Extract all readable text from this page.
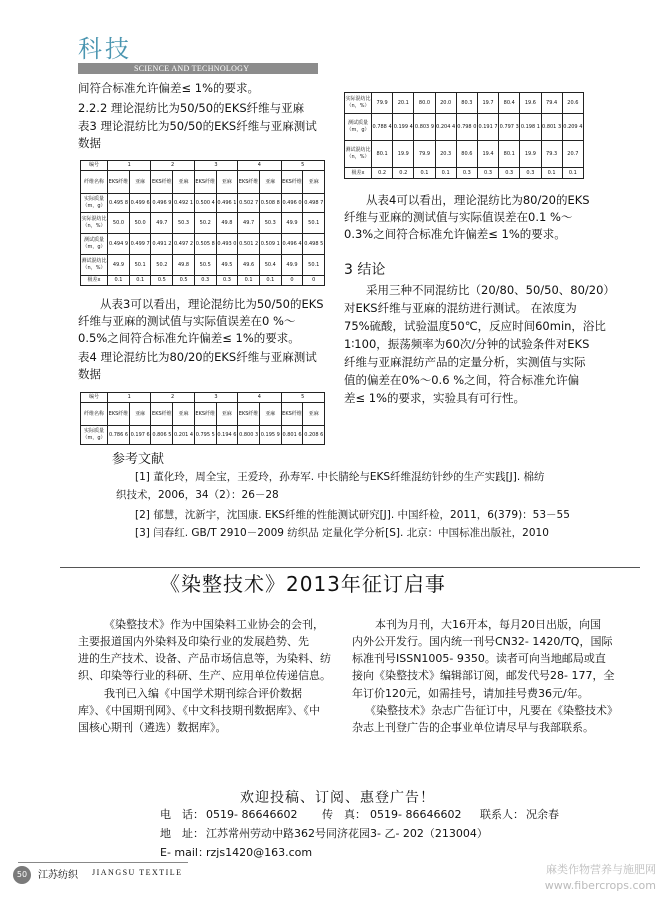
科技
SCIENCE AND TECHNOLOGY
间符合标准允许偏差≤ 1%的要求。
2.2.2 理论混纺比为50/50的EKS纤维与亚麻
表3 理论混纺比为50/50的EKS纤维与亚麻测试
数据
编号	1		2		3		4		5	
纤维名称	EKS纤维	亚麻	EKS纤维	亚麻	EKS纤维	亚麻	EKS纤维	亚麻	EKS纤维	亚麻
实际质量（m，g）	0.495 8	0.499 6	0.496 9	0.492 1	0.500 4	0.496 1	0.502 7	0.508 8	0.496 0	0.498 7
实际混纺比（n，%）	50.0	50.0	49.7	50.3	50.2	49.8	49.7	50.3	49.9	50.1
测试质量（m，g）	0.494 9	0.499 7	0.491 2	0.497 2	0.505 8	0.493 0	0.501 2	0.509 1	0.496 4	0.498 5
测试混纺比（n，%）	49.9	50.1	50.2	49.8	50.5	49.5	49.6	50.4	49.9	50.1
极差x	0.1	0.1	0.5	0.5	0.3	0.3	0.1	0.1	0	0
从表3可以看出，理论混纺比为50/50的EKS
纤维与亚麻的测试值与实际值误差在0 %～
0.5%之间符合标准允许偏差≤ 1%的要求。
表4 理论混纺比为80/20的EKS纤维与亚麻测试
数据
编号	1		2		3		4		5	
纤维名称	EKS纤维	亚麻	EKS纤维	亚麻	EKS纤维	亚麻	EKS纤维	亚麻	EKS纤维	亚麻
实际质量（m，g）	0.786 6	0.197 6	0.806 5	0.201 4	0.795 5	0.194 6	0.800 3	0.195 9	0.801 6	0.208 6
实际混纺比（n，%）	79.9	20.1	80.0	20.0	80.3	19.7	80.4	19.6	79.4	20.6
测试质量（m，g）	0.788 4	0.199 4	0.803 9	0.204 4	0.798 0	0.191 7	0.797 3	0.198 1	0.801 3	0.209 4
测试混纺比（n，%）	80.1	19.9	79.9	20.3	80.6	19.4	80.1	19.9	79.3	20.7
极差x	0.2	0.2	0.1	0.1	0.3	0.3	0.3	0.3	0.1	0.1
从表4可以看出，理论混纺比为80/20的EKS
纤维与亚麻的测试值与实际值误差在0.1 %～
0.3%之间符合标准允许偏差≤ 1%的要求。
3 结论
采用三种不同混纺比（20/80、50/50、80/20）
对EKS纤维与亚麻的混纺进行测试。 在浓度为
75%硫酸，试验温度50℃，反应时间60min，浴比
1∶100，振荡频率为60次/分钟的试验条件对EKS
纤维与亚麻混纺产品的定量分析，实测值与实际
值的偏差在0%～0.6 %之间，符合标准允许偏
差≤ 1%的要求，实验具有可行性。
参考文献
[1] 董化玲，周全宝，王爱玲，孙寿军. 中长腈纶与EKS纤维混纺针纱的生产实践[J]. 棉纺
织技术，2006，34（2）：26－28
[2] 郁慧，沈新宇，沈国康. EKS纤维的性能测试研究[J]. 中国纤检，2011，6(379)：53－55
[3] 闫春红. GB/T 2910－2009 纺织品 定量化学分析[S]. 北京：中国标准出版社，2010
《染整技术》2013年征订启事
《染整技术》作为中国染料工业协会的会刊，
主要报道国内外染料及印染行业的发展趋势、先
进的生产技术、设备、产品市场信息等，为染料、纺
织、印染等行业的科研、生产、应用单位传递信息。
我刊已入编《中国学术期刊综合评价数据
库》、《中国期刊网》、《中文科技期刊数据库》、《中
国核心期刊（遴选）数据库》。
本刊为月刊，大16开本，每月20日出版，向国
内外公开发行。国内统一刊号CN32- 1420/TQ，国际
标准刊号ISSN1005- 9350。读者可向当地邮局或直
接向《染整技术》编辑部订阅，邮发代号28- 177，全
年订价120元，如需挂号，请加挂号费36元/年。
《染整技术》杂志广告征订中，凡要在《染整技术》
杂志上刊登广告的企事业单位请尽早与我部联系。
欢迎投稿、订阅、惠登广告！
电　话： 0519- 86646602 传　真： 0519- 86646602 联系人： 况余春
地　址： 江苏常州劳动中路362号同济花园3- 乙- 202（213004）
E- mail：
rzjs1420@163.com
50	江苏纺织 JIANGSU TEXTILE	麻类作物营养与施肥网
www.fibercrops.com
